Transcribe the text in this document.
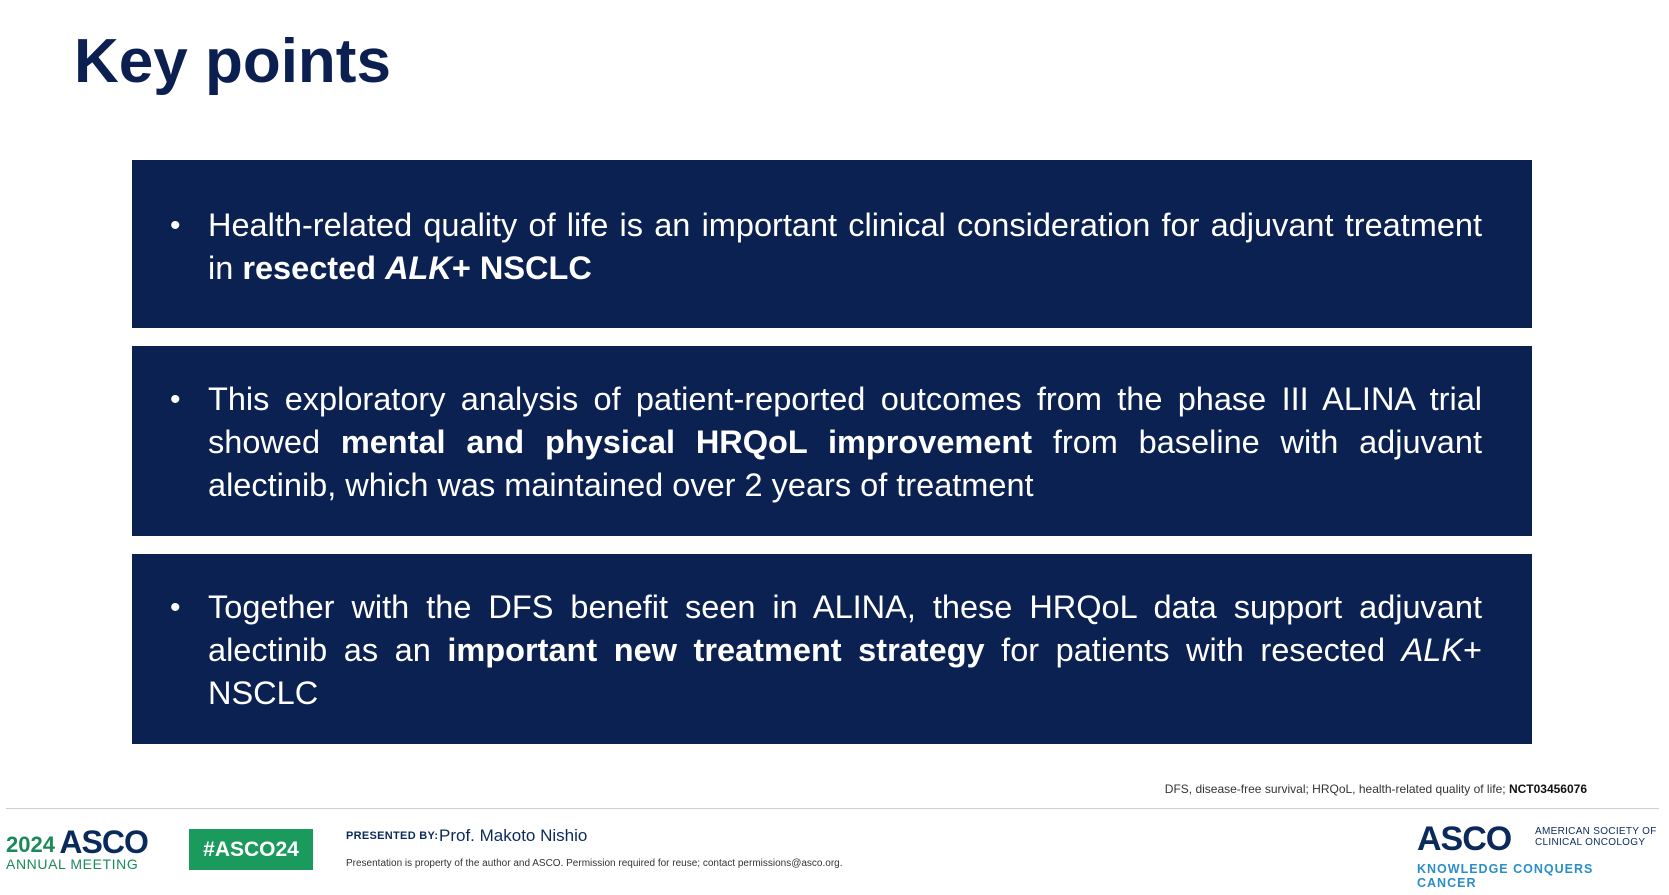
Key points
• Health-related quality of life is an important clinical consideration for adjuvant treatment in resected ALK+ NSCLC
• This exploratory analysis of patient-reported outcomes from the phase III ALINA trial showed mental and physical HRQoL improvement from baseline with adjuvant alectinib, which was maintained over 2 years of treatment
• Together with the DFS benefit seen in ALINA, these HRQoL data support adjuvant alectinib as an important new treatment strategy for patients with resected ALK+ NSCLC
DFS, disease-free survival; HRQoL, health-related quality of life; NCT03456076
2024 ASCO
ANNUAL MEETING
#ASCO24
PRESENTED BY: Prof. Makoto Nishio
Presentation is property of the author and ASCO. Permission required for reuse; contact permissions@asco.org.
ASCO AMERICAN SOCIETY OF
CLINICAL ONCOLOGY
KNOWLEDGE CONQUERS CANCER
